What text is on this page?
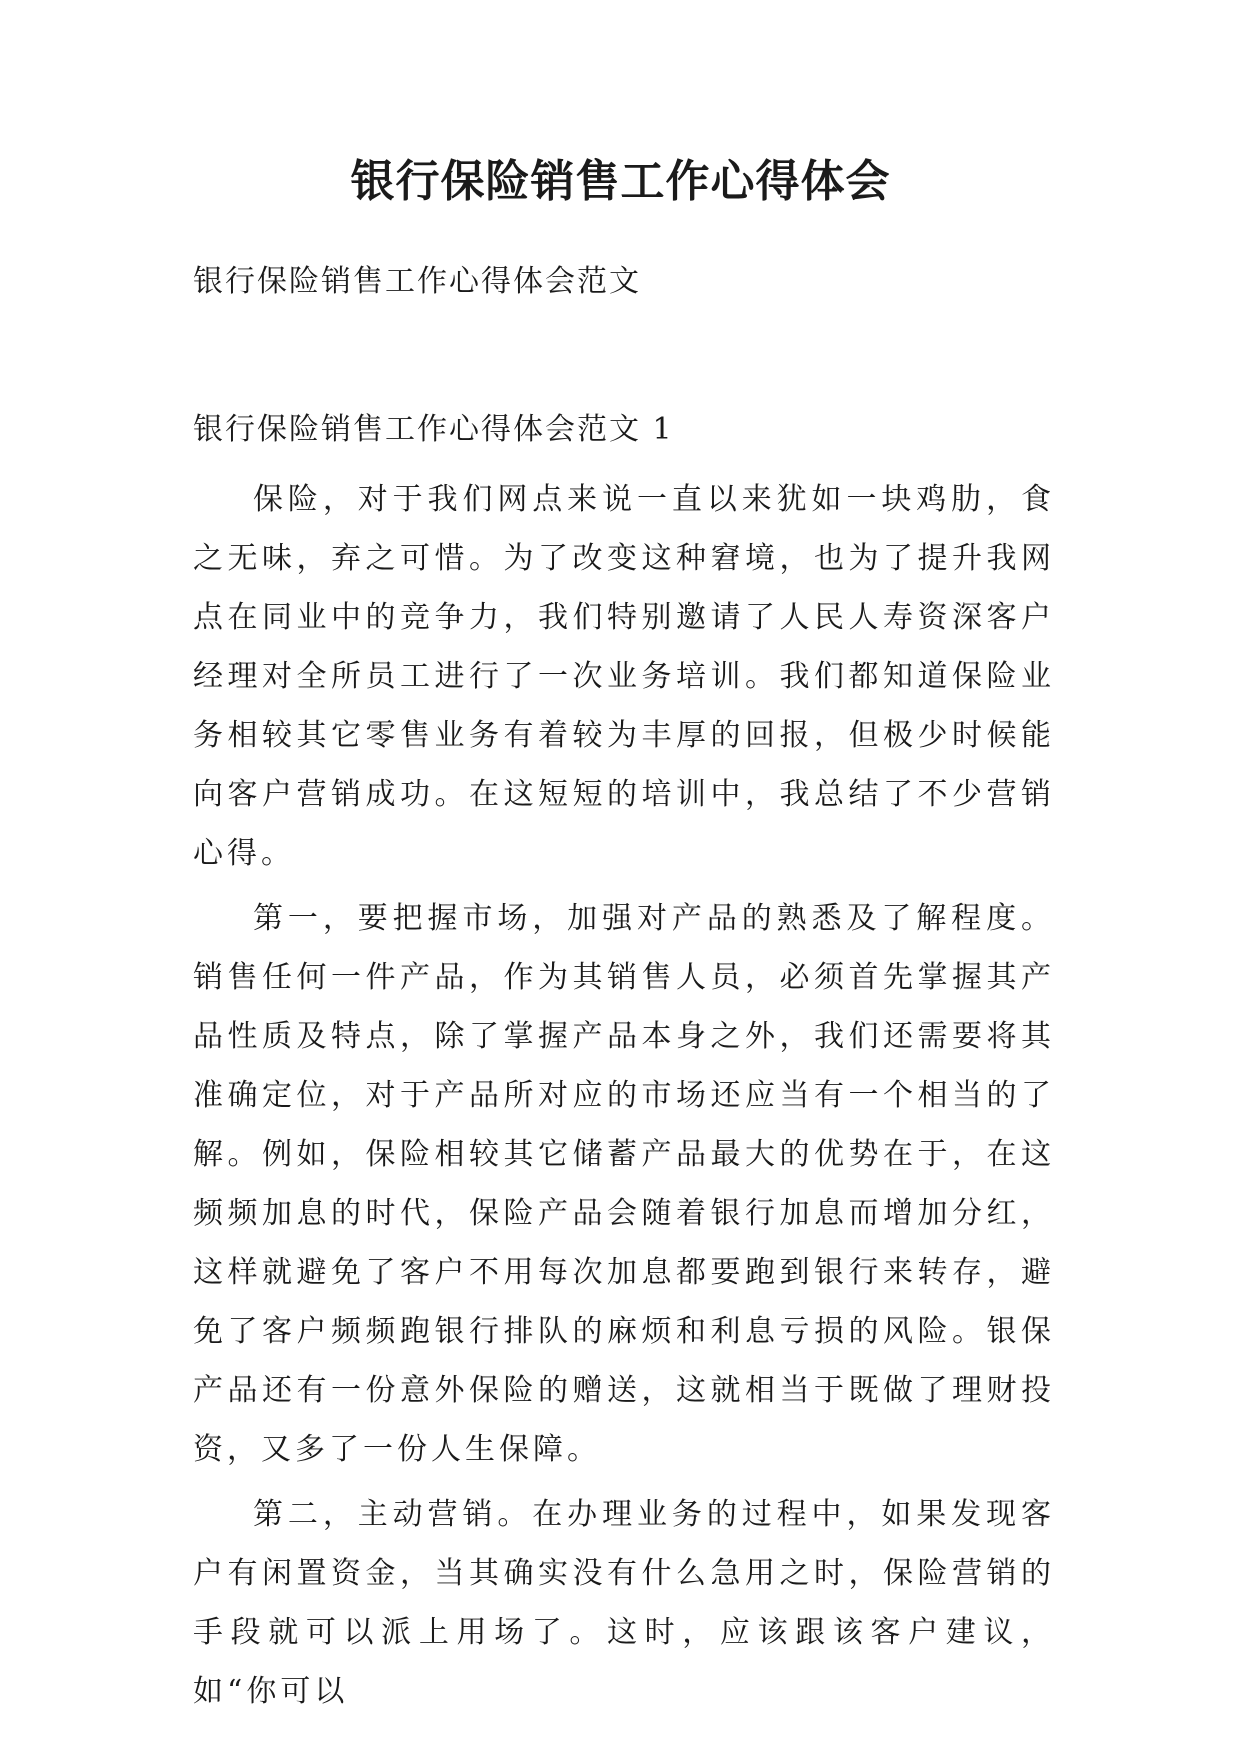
银行保险销售工作心得体会

银行保险销售工作心得体会范文

银行保险销售工作心得体会范文 1

保险，对于我们网点来说一直以来犹如一块鸡肋，食之无味，弃之可惜。为了改变这种窘境，也为了提升我网点在同业中的竞争力，我们特别邀请了人民人寿资深客户经理对全所员工进行了一次业务培训。我们都知道保险业务相较其它零售业务有着较为丰厚的回报，但极少时候能向客户营销成功。在这短短的培训中，我总结了不少营销心得。

第一，要把握市场，加强对产品的熟悉及了解程度。销售任何一件产品，作为其销售人员，必须首先掌握其产品性质及特点，除了掌握产品本身之外，我们还需要将其准确定位，对于产品所对应的市场还应当有一个相当的了解。例如，保险相较其它储蓄产品最大的优势在于，在这频频加息的时代，保险产品会随着银行加息而增加分红，这样就避免了客户不用每次加息都要跑到银行来转存，避免了客户频频跑银行排队的麻烦和利息亏损的风险。银保产品还有一份意外保险的赠送，这就相当于既做了理财投资，又多了一份人生保障。

第二，主动营销。在办理业务的过程中，如果发现客户有闲置资金，当其确实没有什么急用之时，保险营销的手段就可以派上用场了。这时，应该跟该客户建议，如“你可以
